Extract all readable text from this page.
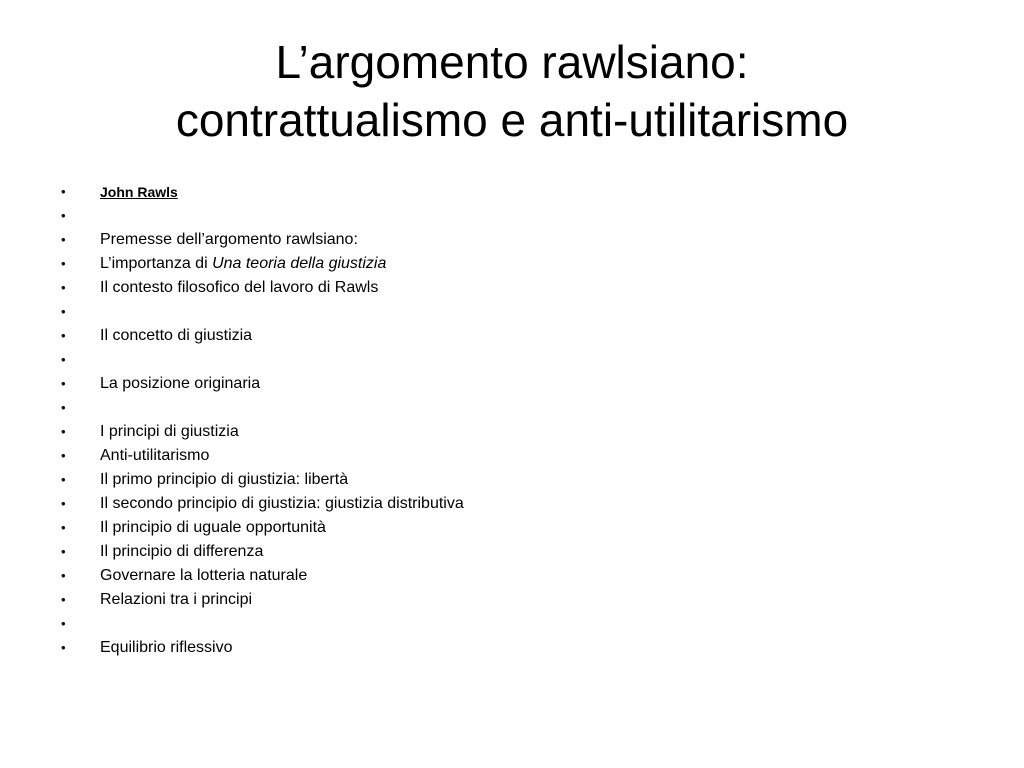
L’argomento rawlsiano:
contrattualismo e anti-utilitarismo
•	John Rawls
•
•	Premesse dell’argomento rawlsiano:
•	L’importanza di Una teoria della giustizia
•	Il contesto filosofico del lavoro di Rawls
•
•	Il concetto di giustizia
•
•	La posizione originaria
•
•	I principi di giustizia
•	Anti-utilitarismo
•	Il primo principio di giustizia: libertà
•	Il secondo principio di giustizia: giustizia distributiva
•	Il principio di uguale opportunità
•	Il principio di differenza
•	Governare la lotteria naturale
•	Relazioni tra i principi
•
•	Equilibrio riflessivo
